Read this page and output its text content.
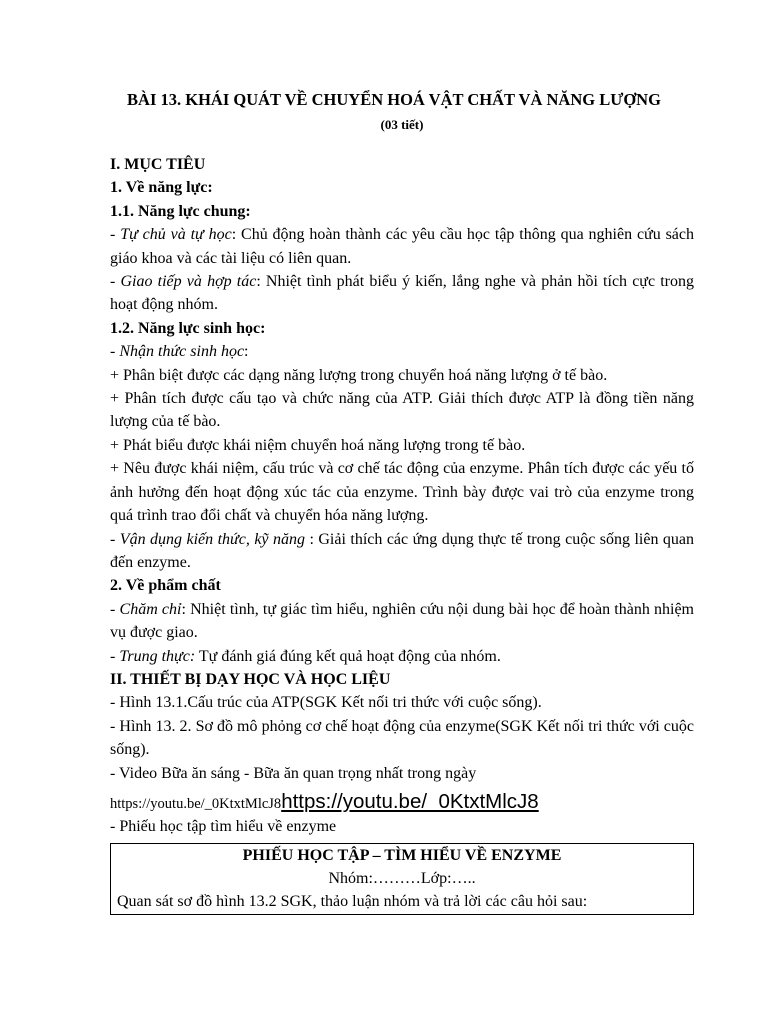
BÀI 13. KHÁI QUÁT VỀ CHUYỂN HOÁ VẬT CHẤT VÀ NĂNG LƯỢNG
(03 tiết)

I. MỤC TIÊU

1. Về năng lực:

1.1. Năng lực chung:

- Tự chủ và tự học: Chủ động hoàn thành các yêu cầu học tập thông qua nghiên cứu sách giáo khoa và các tài liệu có liên quan.

- Giao tiếp và hợp tác: Nhiệt tình phát biểu ý kiến, lắng nghe và phản hồi tích cực trong hoạt động nhóm.

1.2. Năng lực sinh học:

- Nhận thức sinh học:

+ Phân biệt được các dạng năng lượng trong chuyển hoá năng lượng ở tế bào.

+ Phân tích được cấu tạo và chức năng của ATP. Giải thích được ATP là đồng tiền năng lượng của tế bào.

+ Phát biểu được khái niệm chuyển hoá năng lượng trong tế bào.

+ Nêu được khái niệm, cấu trúc và cơ chế tác động của enzyme. Phân tích được các yếu tố ảnh hưởng đến hoạt động xúc tác của enzyme. Trình bày được vai trò của enzyme trong quá trình trao đổi chất và chuyển hóa năng lượng.

- Vận dụng kiến thức, kỹ năng : Giải thích các ứng dụng thực tế trong cuộc sống liên quan đến enzyme.

2. Về phẩm chất

- Chăm chỉ: Nhiệt tình, tự giác tìm hiểu, nghiên cứu nội dung bài học để hoàn thành nhiệm vụ được giao.

- Trung thực: Tự đánh giá đúng kết quả hoạt động của nhóm.

II. THIẾT BỊ DẠY HỌC VÀ HỌC LIỆU

- Hình 13.1.Cấu trúc của ATP(SGK Kết nối tri thức với cuộc sống).

- Hình 13. 2. Sơ đồ mô phỏng cơ chế hoạt động của enzyme(SGK Kết nối tri thức với cuộc sống).

- Video Bữa ăn sáng - Bữa ăn quan trọng nhất trong ngày

https://youtu.be/_0KtxtMlcJ8https://youtu.be/_0KtxtMlcJ8

- Phiếu học tập tìm hiểu về enzyme

PHIẾU HỌC TẬP – TÌM HIỂU VỀ ENZYME
Nhóm:………Lớp:…..
Quan sát sơ đồ hình 13.2 SGK, thảo luận nhóm và trả lời các câu hỏi sau:
